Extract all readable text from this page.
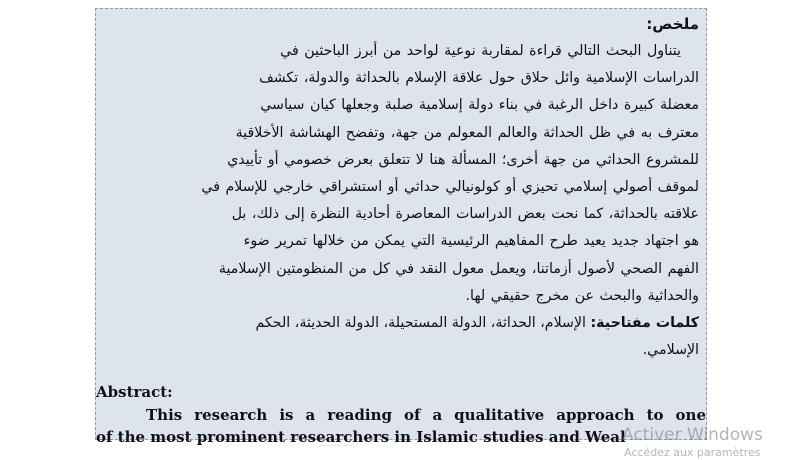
ملخص:

يتناول البحث التالي قراءة لمقاربة نوعية لواحد من أبرز الباحثين في
الدراسات الإسلامية وائل حلاق حول علاقة الإسلام بالحداثة والدولة، تكشف
معضلة كبيرة داخل الرغبة في بناء دولة إسلامية صلبة وجعلها كيان سياسي
معترف به في ظل الحداثة والعالم المعولم من جهة، وتفضح الهشاشة الأخلاقية
للمشروع الحداثي من جهة أخرى؛ المسألة هنا لا تتعلق بعرض خصومي أو تأييدي
لموقف أصولي إسلامي تحيزي أو كولونيالي حداثي أو استشراقي خارجي للإسلام في
علاقته بالحداثة، كما نحت بعض الدراسات المعاصرة أحادية النظرة إلى ذلك، بل
هو اجتهاد جديد يعيد طرح المفاهيم الرئيسية التي يمكن من خلالها تمرير ضوء
الفهم الصحي لأصول أزماتنا، ويعمل معول النقد في كل من المنظومتين الإسلامية
والحداثية والبحث عن مخرج حقيقي لها.

كلمات مفتاحية: الإسلام، الحداثة، الدولة المستحيلة، الدولة الحديثة، الحكم
الإسلامي.

Abstract:

This research is a reading of a qualitative approach to one

of the most prominent researchers in Islamic studies and Weal

⌒⌒⌒
Activer Windows
Accédez aux paramètres
